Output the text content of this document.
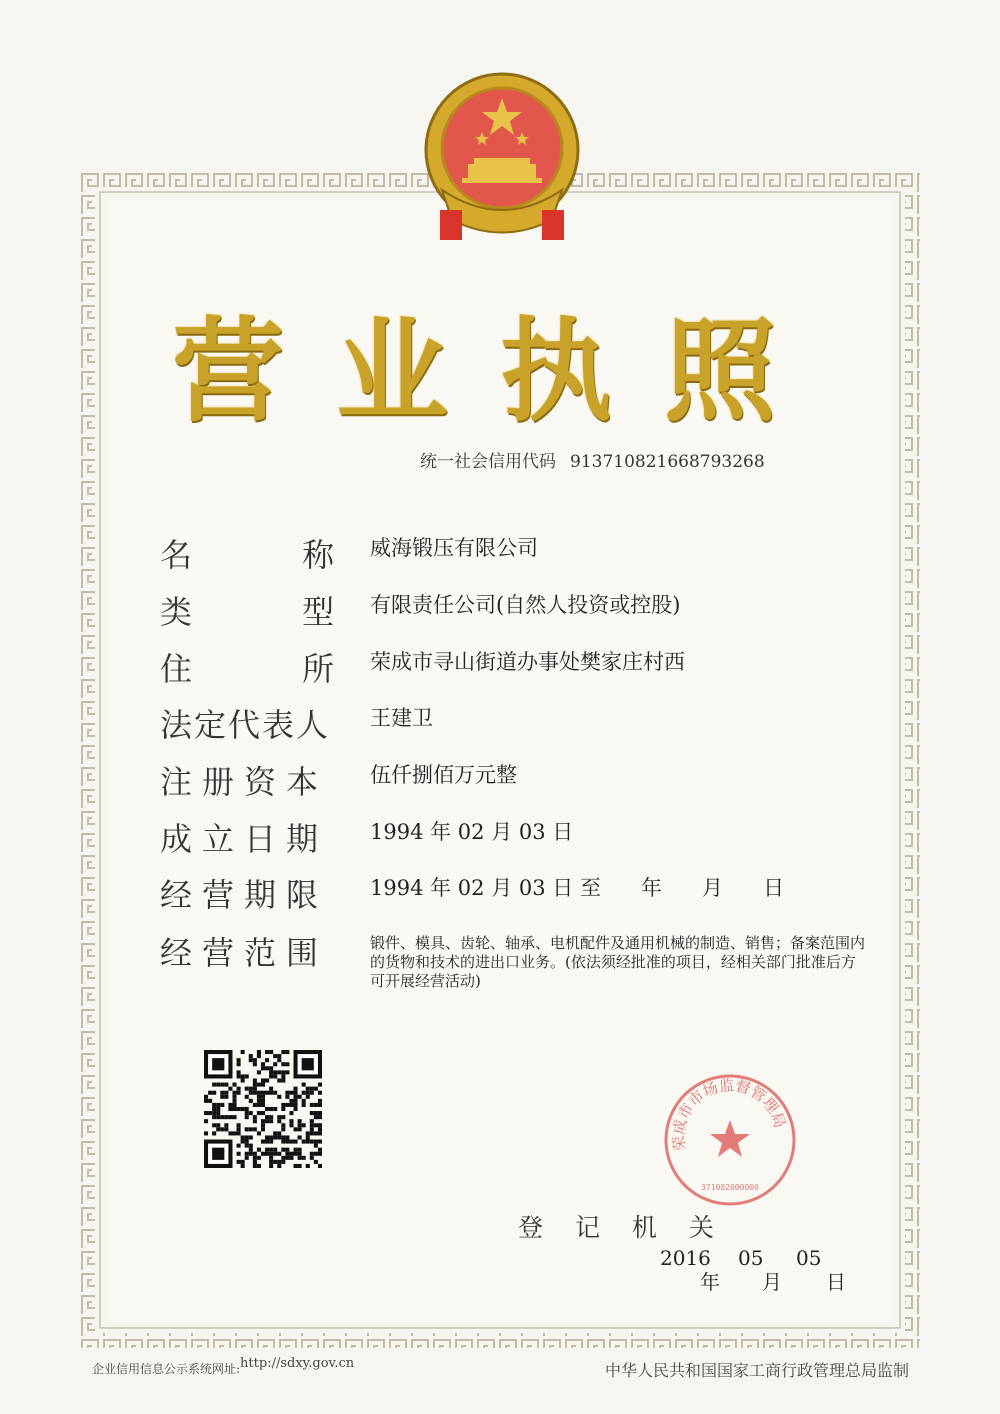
营业执照
统一社会信用代码 913710821668793268
名 称
威海锻压有限公司
类 型
有限责任公司(自然人投资或控股)
住 所
荣成市寻山街道办事处樊家庄村西
法定代表人 王建卫
注册资本 伍仟捌佰万元整
成立日期 1994 年 02 月 03 日
经营期限 1994 年 02 月 03 日 至      年      月      日
经营范围	锻件、模具、齿轮、轴承、电机配件及通用机械的制造、销售；备案范围内的货物和技术的进出口业务。(依法须经批准的项目，经相关部门批准后方可开展经营活动)
荣成市市场监督管理局
371082000000
登 记 机 关
2016
年
05
月
05
日
企业信用信息公示系统网址:http://sdxy.gov.cn	中华人民共和国国家工商行政管理总局监制
